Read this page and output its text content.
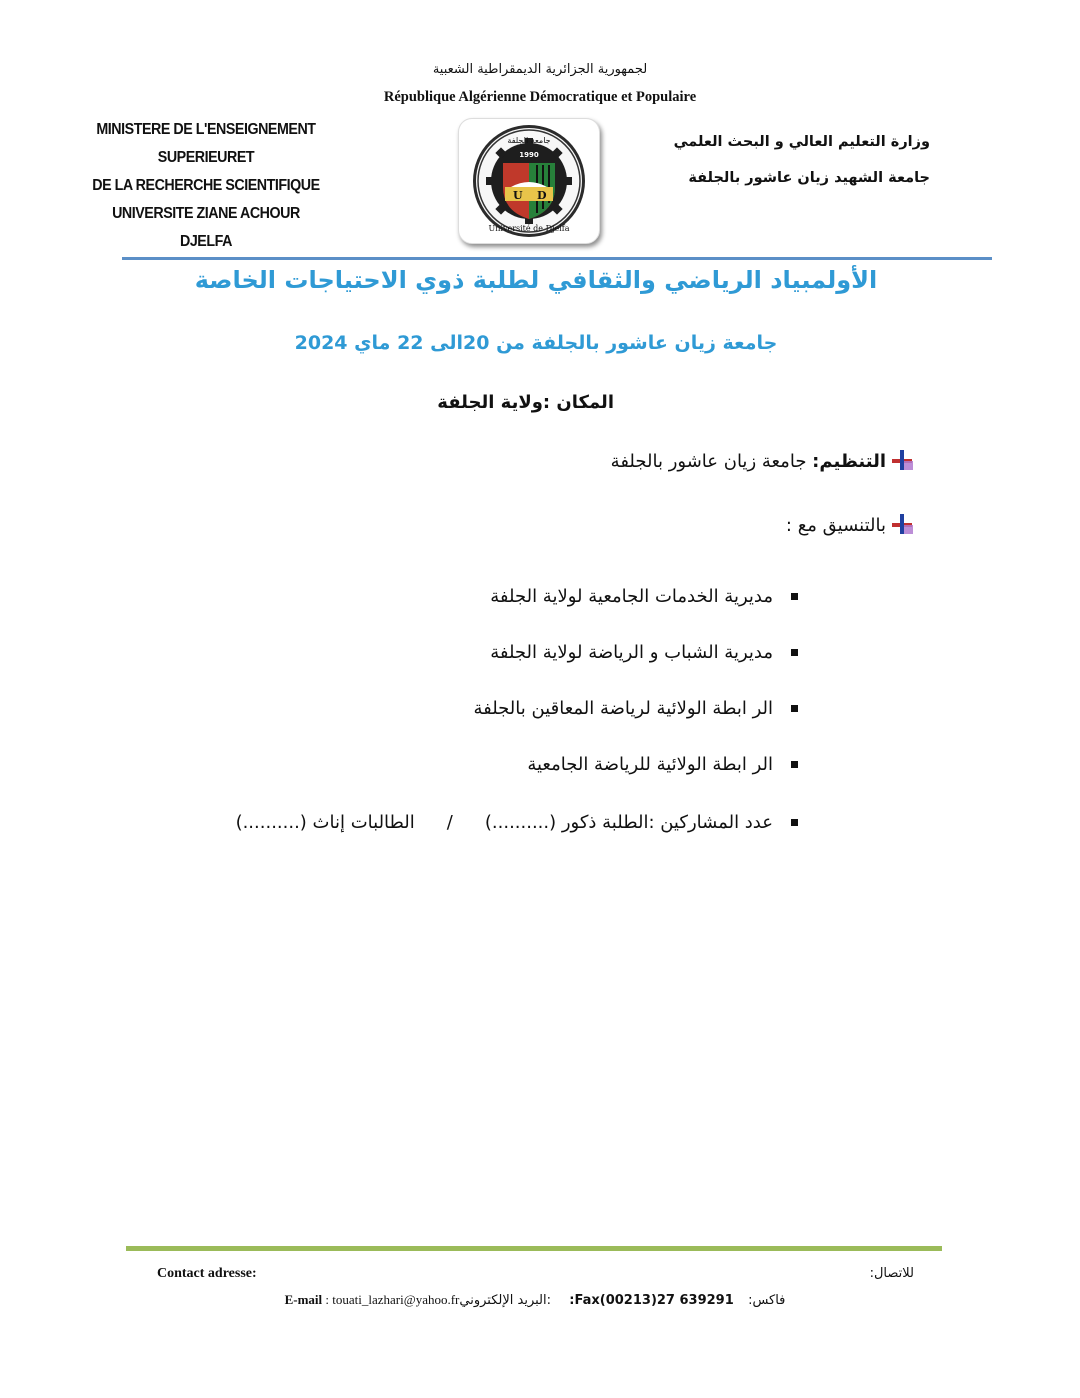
لجمهورية الجزائرية الديمقراطية الشعبية
République Algérienne Démocratique et Populaire
MINISTERE DE L'ENSEIGNEMENT SUPERIEURET
DE LA RECHERCHE SCIENTIFIQUE
UNIVERSITE ZIANE ACHOUR
DJELFA
وزارة التعليم العالي و البحث العلمي
جامعة الشهيد زيان عاشور بالجلفة
U D
جامعة الجلفة
1990
Université de Djelfa
الأولمبياد الرياضي والثقافي لطلبة ذوي الاحتياجات الخاصة
جامعة زيان عاشور بالجلفة من 20الى 22 ماي 2024
المكان :ولاية الجلفة
التنظيم: جامعة زيان عاشور بالجلفة
بالتنسيق مع :
مديرية الخدمات الجامعية لولاية الجلفة
مديرية الشباب و الرياضة لولاية الجلفة
الر ابطة الولائية لرياضة المعاقين بالجلفة
الر ابطة الولائية للرياضة الجامعية
عدد المشاركين :الطلبة ذكور (..........)
/
الطالبات إناث (..........)
Contact adresse:	للاتصال:
E-mail : touati_lazhari@yahoo.fr:البريد الإلكتروني :Fax(00213)27 639291 فاكس:
